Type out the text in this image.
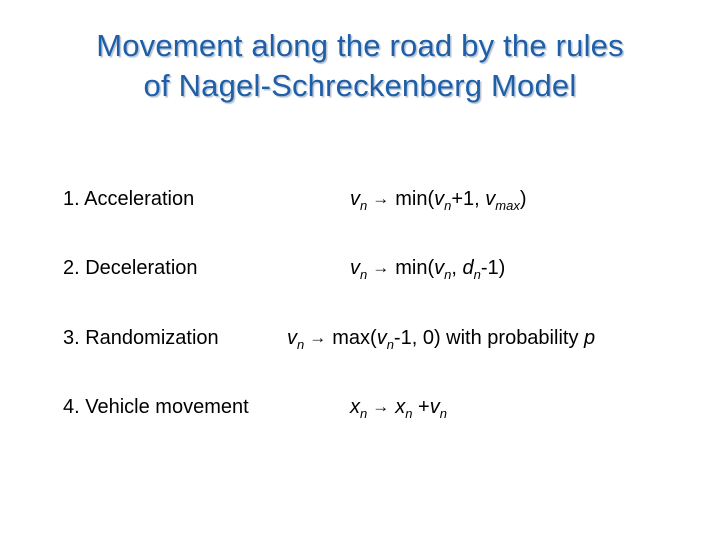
Movement along the road by the rules
of Nagel-Schreckenberg Model
1. Acceleration	$v_n \to \min(v_n+1$, $v_{max}$)
2. Deceleration	$v_n \to \min(v_n$, $d_n-1$)
3. Randomization	$v_n \to \max(v_n-1$, 0) with probability p
4. Vehicle movement	$x_n \to x_n +v_n$
